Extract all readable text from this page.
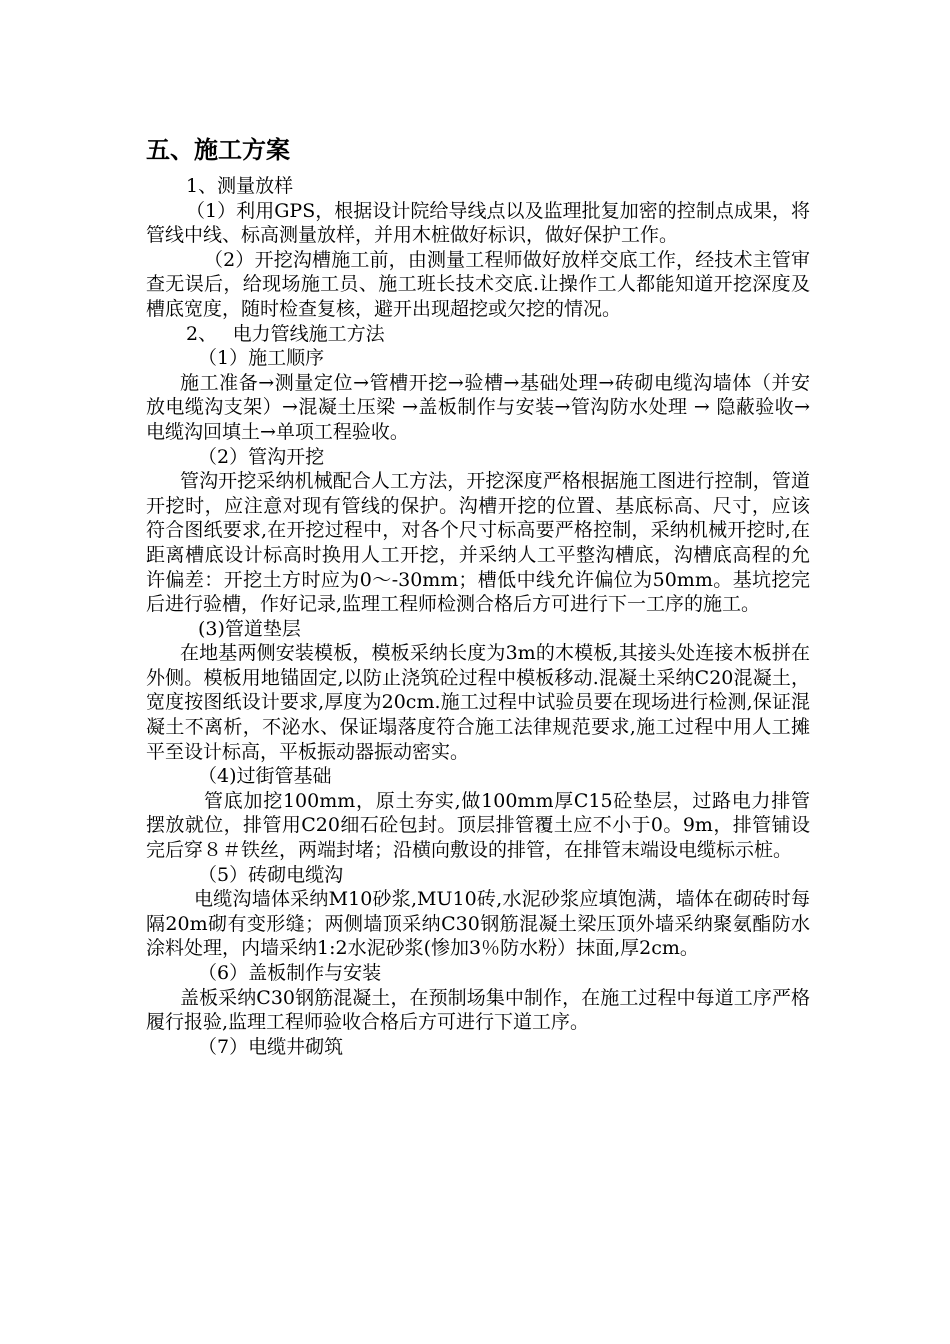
五、施工方案

1、测量放样

（1）利用GPS，根据设计院给导线点以及监理批复加密的控制点成果，将管线中线、标高测量放样，并用木桩做好标识，做好保护工作。

（2）开挖沟槽施工前，由测量工程师做好放样交底工作，经技术主管审查无误后，给现场施工员、施工班长技术交底.让操作工人都能知道开挖深度及槽底宽度，随时检查复核，避开出现超挖或欠挖的情况。

2、　 电力管线施工方法

（1）施工顺序

施工准备→测量定位→管槽开挖→验槽→基础处理→砖砌电缆沟墙体（并安放电缆沟支架）→混凝土压梁 →盖板制作与安装→管沟防水处理 → 隐蔽验收→电缆沟回填土→单项工程验收。

（2）管沟开挖

管沟开挖采纳机械配合人工方法，开挖深度严格根据施工图进行控制，管道开挖时，应注意对现有管线的保护。沟槽开挖的位置、基底标高、尺寸，应该符合图纸要求,在开挖过程中，对各个尺寸标高要严格控制，采纳机械开挖时,在距离槽底设计标高时换用人工开挖，并采纳人工平整沟槽底，沟槽底高程的允许偏差：开挖土方时应为0～-30mm；槽低中线允许偏位为50mm。基坑挖完后进行验槽，作好记录,监理工程师检测合格后方可进行下一工序的施工。

(3)管道垫层

在地基两侧安装模板，模板采纳长度为3m的木模板,其接头处连接木板拼在外侧。模板用地锚固定,以防止浇筑砼过程中模板移动.混凝土采纳C20混凝土，宽度按图纸设计要求,厚度为20cm.施工过程中试验员要在现场进行检测,保证混凝土不离析，不泌水、保证塌落度符合施工法律规范要求,施工过程中用人工摊平至设计标高，平板振动器振动密实。

（4)过街管基础

管底加挖100mm，原土夯实,做100mm厚C15砼垫层，过路电力排管摆放就位，排管用C20细石砼包封。顶层排管覆土应不小于0。9m，排管铺设完后穿８＃铁丝，两端封堵；沿横向敷设的排管，在排管末端设电缆标示桩。

（5）砖砌电缆沟

电缆沟墙体采纳M10砂浆,MU10砖,水泥砂浆应填饱满，墙体在砌砖时每隔20m砌有变形缝；两侧墙顶采纳C30钢筋混凝土梁压顶外墙采纳聚氨酯防水涂料处理，内墙采纳1:2水泥砂浆(惨加3％防水粉）抹面,厚2cm。

（6）盖板制作与安装

盖板采纳C30钢筋混凝土，在预制场集中制作，在施工过程中每道工序严格履行报验,监理工程师验收合格后方可进行下道工序。

（7）电缆井砌筑
